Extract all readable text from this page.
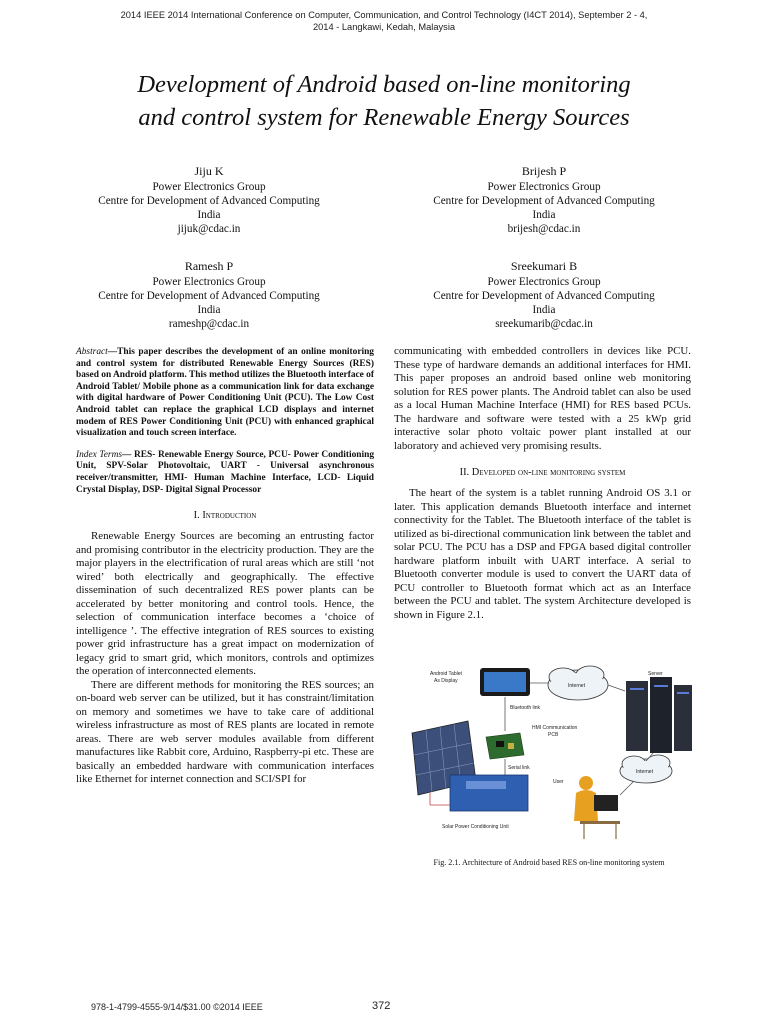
2014 IEEE 2014 International Conference on Computer, Communication, and Control Technology (I4CT 2014), September 2 - 4,
2014 - Langkawi, Kedah, Malaysia
Development of Android based on-line monitoring
and control system for Renewable Energy Sources
Jiju K
Power Electronics Group
Centre for Development of Advanced Computing
India
jijuk@cdac.in
Brijesh P
Power Electronics Group
Centre for Development of Advanced Computing
India
brijesh@cdac.in
Ramesh P
Power Electronics Group
Centre for Development of Advanced Computing
India
rameshp@cdac.in
Sreekumari B
Power Electronics Group
Centre for Development of Advanced Computing
India
sreekumarib@cdac.in

Abstract—This paper describes the development of an online monitoring and control system for distributed Renewable Energy Sources (RES) based on Android platform. This method utilizes the Bluetooth interface of Android Tablet/ Mobile phone as a communication link for data exchange with digital hardware of Power Conditioning Unit (PCU). The Low Cost Android tablet can replace the graphical LCD displays and internet modem of RES Power Conditioning Unit (PCU) with enhanced graphical visualization and touch screen interface.

Index Terms— RES- Renewable Energy Source, PCU- Power Conditioning Unit, SPV-Solar Photovoltaic, UART - Universal asynchronous receiver/transmitter, HMI- Human Machine Interface, LCD- Liquid Crystal Display, DSP- Digital Signal Processor

I. Introduction

Renewable Energy Sources are becoming an entrusting factor and promising contributor in the electricity production. They are the major players in the electrification of rural areas which are still ‘not wired’ both electrically and geographically. The effective dissemination of such decentralized RES power plants can be accelerated by better monitoring and control tools. Hence, the selection of communication interface becomes a ‘choice of intelligence ’. The effective integration of RES sources to existing power grid infrastructure has a great impact on modernization of legacy grid to smart grid, which monitors, controls and optimizes the operation of interconnected elements.

There are different methods for monitoring the RES sources; an on-board web server can be utilized, but it has constraint/limitation on memory and sometimes we have to take care of additional wireless infrastructure as most of RES plants are located in remote areas. There are web server modules available from different manufactures like Rabbit core, Arduino, Raspberry-pi etc. These are basically an embedded hardware with communication interfaces like Ethernet for internet connection and SCI/SPI for

communicating with embedded controllers in devices like PCU. These type of hardware demands an additional interfaces for HMI. This paper proposes an android based online web monitoring solution for RES power plants. The Android tablet can also be used as a local Human Machine Interface (HMI) for RES based PCUs. The hardware and software were tested with a 25 kWp grid interactive solar photo voltaic power plant installed at our laboratory and achieved very promising results.

II. Developed on-line monitoring system

The heart of the system is a tablet running Android OS 3.1 or later. This application demands Bluetooth interface and internet connectivity for the Tablet. The Bluetooth interface of the tablet is utilized as bi-directional communication link between the tablet and solar PCU. The PCU has a DSP and FPGA based digital controller hardware platform inbuilt with UART interface. A serial to Bluetooth converter module is used to convert the UART data of PCU controller to Bluetooth format which act as an Interface between the PCU and tablet. The system Architecture developed is shown in Figure 2.1.

Android Tablet
As Display
Internet
Server
Bluetooth link
HMI Communication
PCB
Serial link
Solar Power Conditioning Unit
User
Internet
Fig. 2.1. Architecture of Android based RES on-line monitoring system
978-1-4799-4555-9/14/$31.00 ©2014 IEEE	372
